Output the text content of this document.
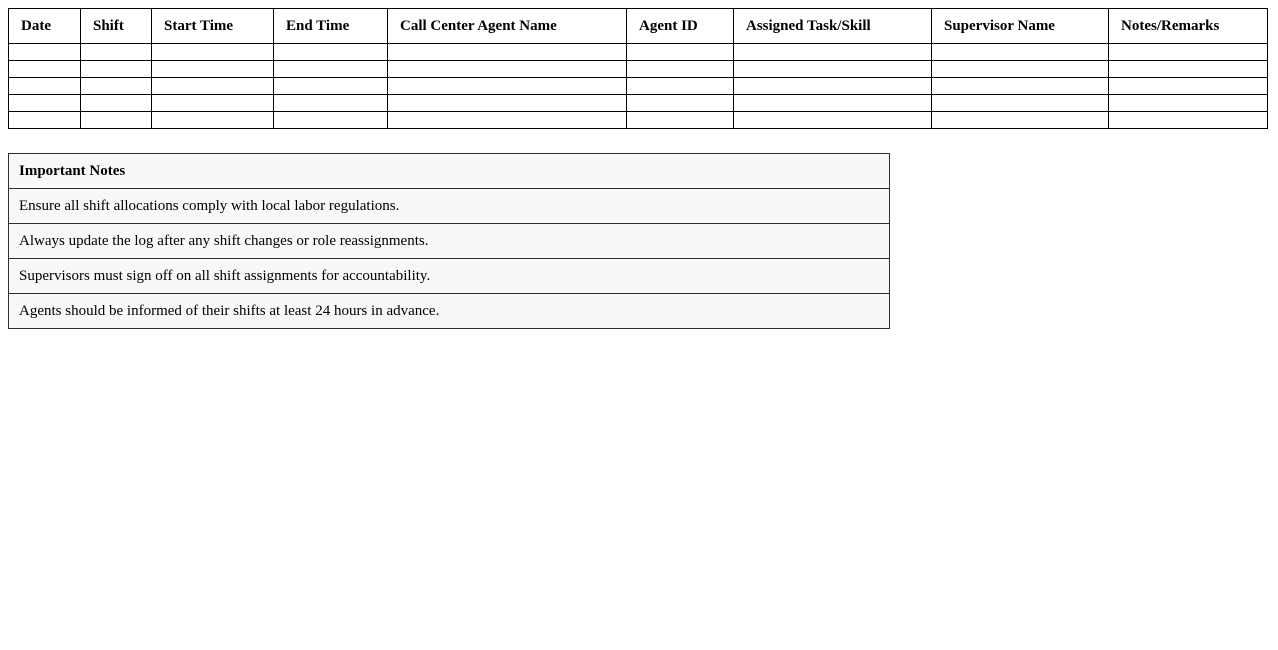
Date	Shift	Start Time	End Time	Call Center Agent Name	Agent ID	Assigned Task/Skill	Supervisor Name	Notes/Remarks

Important Notes
Ensure all shift allocations comply with local labor regulations.
Always update the log after any shift changes or role reassignments.
Supervisors must sign off on all shift assignments for accountability.
Agents should be informed of their shifts at least 24 hours in advance.
